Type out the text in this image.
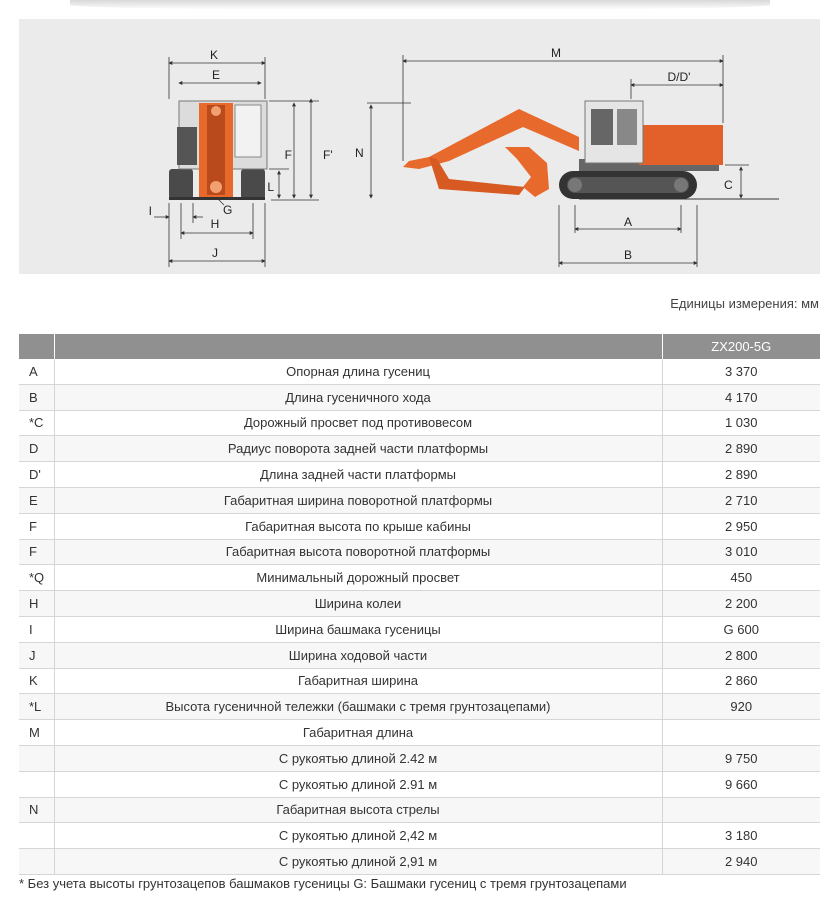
K
E
F	F'
L
I	G
H
J
M
D/D'
N
C
A
B
Единицы измерения: мм
		ZX200-5G
A	Опорная длина гусениц	3 370
B	Длина гусеничного хода	4 170
*C	Дорожный просвет под противовесом	1 030
D	Радиус поворота задней части платформы	2 890
D'	Длина задней части платформы	2 890
E	Габаритная ширина поворотной платформы	2 710
F	Габаритная высота по крыше кабины	2 950
F	Габаритная высота поворотной платформы	3 010
*Q	Минимальный дорожный просвет	450
H	Ширина колеи	2 200
I	Ширина башмака гусеницы	G 600
J	Ширина ходовой части	2 800
K	Габаритная ширина	2 860
*L	Высота гусеничной тележки (башмаки с тремя грунтозацепами)	920
M	Габаритная длина	
	С рукоятью длиной 2.42 м	9 750
	С рукоятью длиной 2.91 м	9 660
N	Габаритная высота стрелы	
	С рукоятью длиной 2,42 м	3 180
	С рукоятью длиной 2,91 м	2 940
* Без учета высоты грунтозацепов башмаков гусеницы G: Башмаки гусениц с тремя грунтозацепами
